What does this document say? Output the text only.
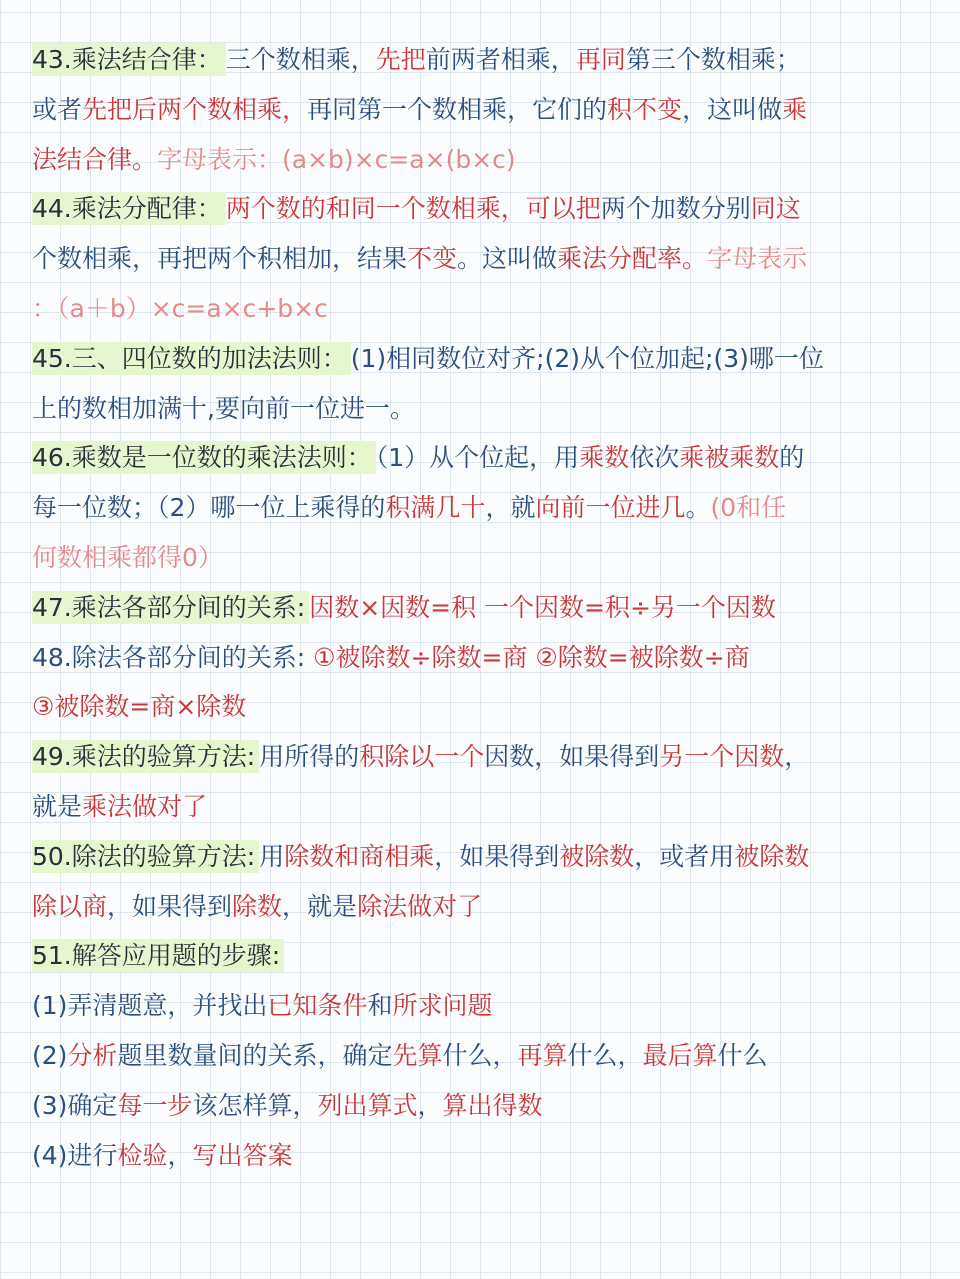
43.乘法结合律： 三个数相乘，先把前两者相乘，再同第三个数相乘；
或者先把后两个数相乘，再同第一个数相乘，它们的积不变，这叫做乘
法结合律。字母表示：(a×b)×c=a×(b×c)
44.乘法分配律： 两个数的和同一个数相乘，可以把两个加数分别同这
个数相乘，再把两个积相加，结果不变。这叫做乘法分配率。字母表示
：（a＋b）×c=a×c+b×c
45.三、四位数的加法法则： (1)相同数位对齐;(2)从个位加起;(3)哪一位
上的数相加满十,要向前一位进一。
46.乘数是一位数的乘法法则： （1）从个位起，用乘数依次乘被乘数的
每一位数；（2）哪一位上乘得的积满几十，就向前一位进几。(0和任
何数相乘都得0）
47.乘法各部分间的关系: 因数×因数=积 一个因数=积÷另一个因数
48.除法各部分间的关系: ①被除数÷除数=商 ②除数=被除数÷商
③被除数=商×除数
49.乘法的验算方法: 用所得的积除以一个因数，如果得到另一个因数，
就是乘法做对了
50.除法的验算方法: 用除数和商相乘，如果得到被除数，或者用被除数
除以商，如果得到除数，就是除法做对了
51.解答应用题的步骤:
(1)弄清题意，并找出已知条件和所求问题
(2)分析题里数量间的关系，确定先算什么，再算什么，最后算什么
(3)确定每一步该怎样算，列出算式，算出得数
(4)进行检验，写出答案
